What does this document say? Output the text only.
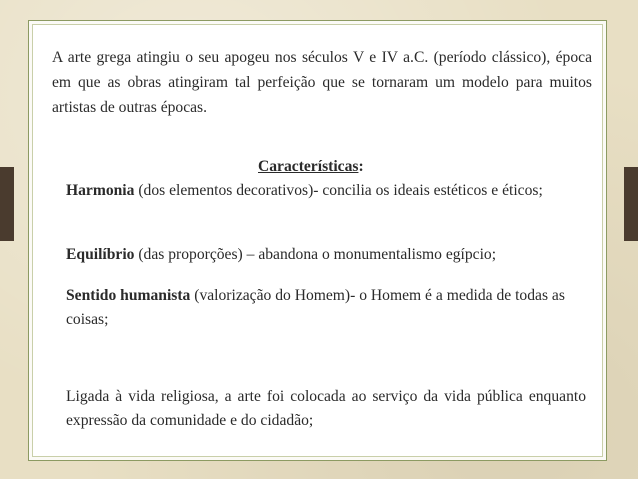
A arte grega atingiu o seu apogeu nos séculos V e IV a.C. (período clássico), época em que as obras atingiram tal perfeição que se tornaram um modelo para muitos artistas de outras épocas.

Características:

Harmonia (dos elementos decorativos)- concilia os ideais estéticos e éticos;

Equilíbrio (das proporções) – abandona o monumentalismo egípcio;

Sentido humanista (valorização do Homem)- o Homem é a medida de todas as coisas;

Ligada à vida religiosa, a arte foi colocada ao serviço da vida pública enquanto expressão da comunidade e do cidadão;
